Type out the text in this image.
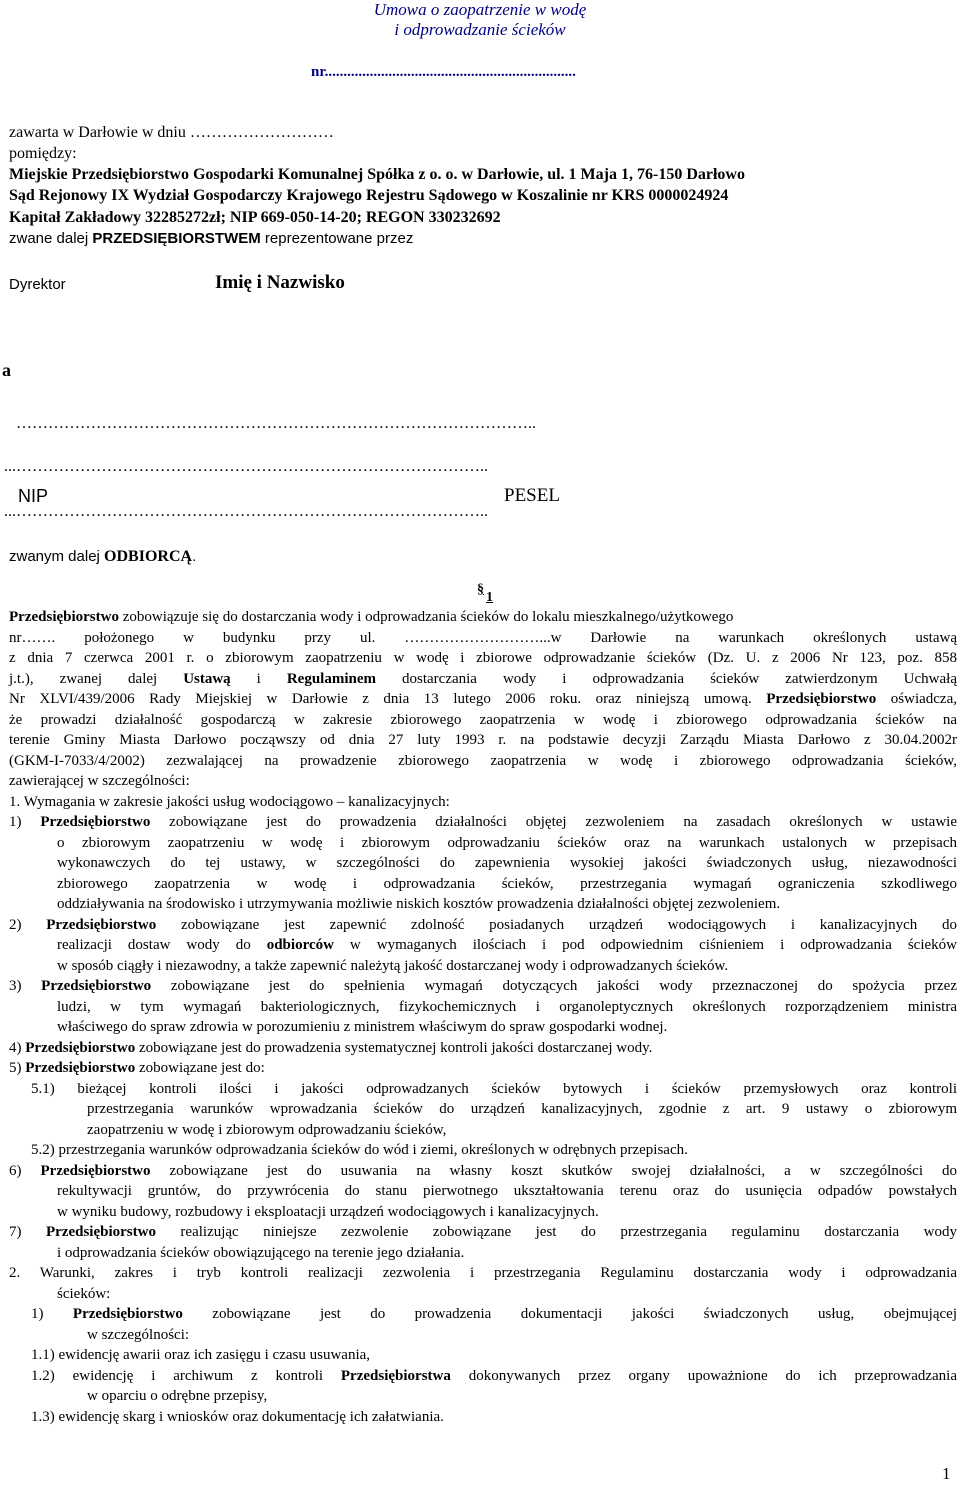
Umowa o zaopatrzenie w wodę
i odprowadzanie ścieków
nr...................................................................
zawarta w Darłowie w dniu ………………………
pomiędzy:
Miejskie Przedsiębiorstwo Gospodarki Komunalnej Spółka z o. o. w Darłowie, ul. 1 Maja 1, 76-150 Darłowo
Sąd Rejonowy IX Wydział Gospodarczy Krajowego Rejestru Sądowego w Koszalinie nr KRS 0000024924
Kapitał Zakładowy 32285272zł; NIP 669-050-14-20; REGON 330232692
zwane dalej PRZEDSIĘBIORSTWEM reprezentowane przez
Dyrektor	Imię i Nazwisko
a
……………………………………………………………………………………..
...……………………………………………………………………………..
NIP	PESEL
...……………………………………………………………………………..
zwanym dalej ODBIORCĄ.
§
1
Przedsiębiorstwo zobowiązuje się do dostarczania wody i odprowadzania ścieków do lokalu mieszkalnego/użytkowego
nr……. położonego w budynku przy ul. ………………………...w Darłowie na warunkach określonych ustawą
z dnia 7 czerwca 2001 r. o zbiorowym zaopatrzeniu w wodę i zbiorowe odprowadzanie ścieków (Dz. U. z 2006 Nr 123, poz. 858
j.t.), zwanej dalej Ustawą i Regulaminem dostarczania wody i odprowadzania ścieków zatwierdzonym Uchwałą
Nr XLVI/439/2006 Rady Miejskiej w Darłowie z dnia 13 lutego 2006 roku. oraz niniejszą umową. Przedsiębiorstwo oświadcza,
że prowadzi działalność gospodarczą w zakresie zbiorowego zaopatrzenia w wodę i zbiorowego odprowadzania ścieków na
terenie Gminy Miasta Darłowo począwszy od dnia 27 luty 1993 r. na podstawie decyzji Zarządu Miasta Darłowo z 30.04.2002r
(GKM-I-7033/4/2002) zezwalającej na prowadzenie zbiorowego zaopatrzenia w wodę i zbiorowego odprowadzania ścieków,
zawierającej w szczególności:
1. Wymagania w zakresie jakości usług wodociągowo – kanalizacyjnych:
1) Przedsiębiorstwo zobowiązane jest do prowadzenia działalności objętej zezwoleniem na zasadach określonych w ustawie
o zbiorowym zaopatrzeniu w wodę i zbiorowym odprowadzaniu ścieków oraz na warunkach ustalonych w przepisach
wykonawczych do tej ustawy, w szczególności do zapewnienia wysokiej jakości świadczonych usług, niezawodności
zbiorowego zaopatrzenia w wodę i odprowadzania ścieków, przestrzegania wymagań ograniczenia szkodliwego
oddziaływania na środowisko i utrzymywania możliwie niskich kosztów prowadzenia działalności objętej zezwoleniem.
2) Przedsiębiorstwo zobowiązane jest zapewnić zdolność posiadanych urządzeń wodociągowych i kanalizacyjnych do
realizacji dostaw wody do odbiorców w wymaganych ilościach i pod odpowiednim ciśnieniem i odprowadzania ścieków
w sposób ciągły i niezawodny, a także zapewnić należytą jakość dostarczanej wody i odprowadzanych ścieków.
3) Przedsiębiorstwo zobowiązane jest do spełnienia wymagań dotyczących jakości wody przeznaczonej do spożycia przez
ludzi, w tym wymagań bakteriologicznych, fizykochemicznych i organoleptycznych określonych rozporządzeniem ministra
właściwego do spraw zdrowia w porozumieniu z ministrem właściwym do spraw gospodarki wodnej.
4) Przedsiębiorstwo zobowiązane jest do prowadzenia systematycznej kontroli jakości dostarczanej wody.
5) Przedsiębiorstwo zobowiązane jest do:
5.1) bieżącej kontroli ilości i jakości odprowadzanych ścieków bytowych i ścieków przemysłowych oraz kontroli
przestrzegania warunków wprowadzania ścieków do urządzeń kanalizacyjnych, zgodnie z art. 9 ustawy o zbiorowym
zaopatrzeniu w wodę i zbiorowym odprowadzaniu ścieków,
5.2) przestrzegania warunków odprowadzania ścieków do wód i ziemi, określonych w odrębnych przepisach.
6) Przedsiębiorstwo zobowiązane jest do usuwania na własny koszt skutków swojej działalności, a w szczególności do
rekultywacji gruntów, do przywrócenia do stanu pierwotnego ukształtowania terenu oraz do usunięcia odpadów powstałych
w wyniku budowy, rozbudowy i eksploatacji urządzeń wodociągowych i kanalizacyjnych.
7) Przedsiębiorstwo realizując niniejsze zezwolenie zobowiązane jest do przestrzegania regulaminu dostarczania wody
i odprowadzania ścieków obowiązującego na terenie jego działania.
2. Warunki, zakres i tryb kontroli realizacji zezwolenia i przestrzegania Regulaminu dostarczania wody i odprowadzania
ścieków:
1) Przedsiębiorstwo zobowiązane jest do prowadzenia dokumentacji jakości świadczonych usług, obejmującej
w szczególności:
1.1) ewidencję awarii oraz ich zasięgu i czasu usuwania,
1.2) ewidencję i archiwum z kontroli Przedsiębiorstwa dokonywanych przez organy upoważnione do ich przeprowadzania
w oparciu o odrębne przepisy,
1.3) ewidencję skarg i wniosków oraz dokumentację ich załatwiania.
1
